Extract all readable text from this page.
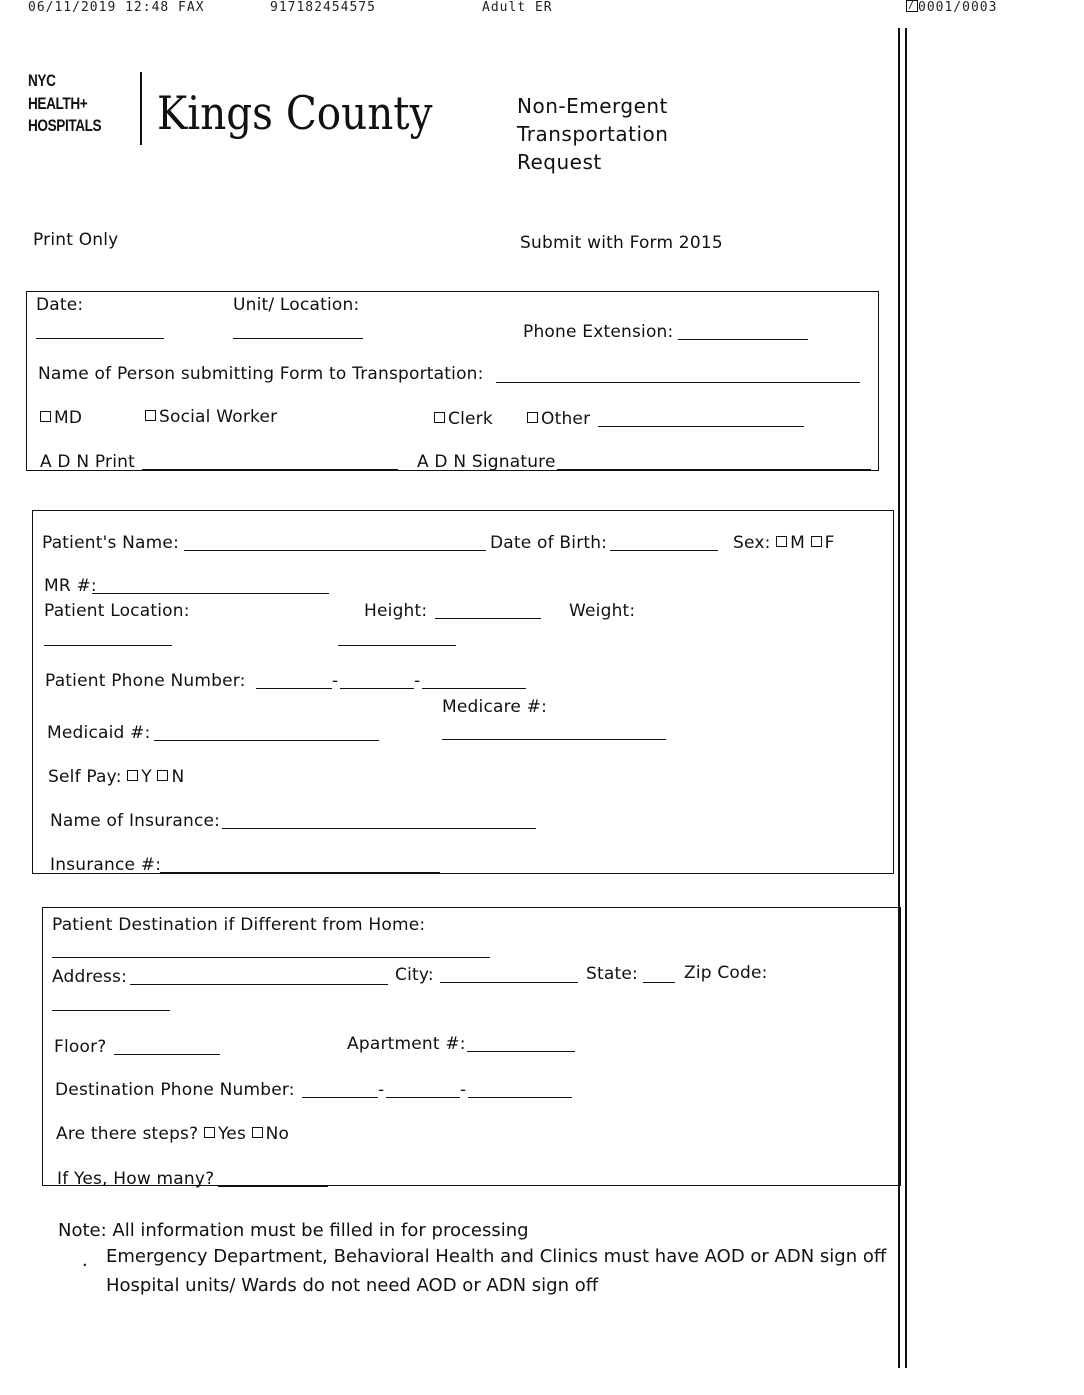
06/11/2019 12:48 FAX	917182454575	Adult ER	/ 0001/0003
NYC
HEALTH+
HOSPITALS Kings County	Non-Emergent
Transportation
Request
Print Only	Submit with Form 2015
Date:	Unit/ Location:
Phone Extension:
Name of Person submitting Form to Transportation:
MD	Social Worker	Clerk	Other
A D N Print	A D N Signature
Patient's Name:	Date of Birth:	Sex: M F
MR #:
Patient Location:	Height:	Weight:
Patient Phone Number:	-	-
Medicare #:
Medicaid #:
Self Pay: Y N
Name of Insurance:
Insurance #:
Patient Destination if Different from Home:
Address:	City:	State:	Zip Code:
Floor?	Apartment #:
Destination Phone Number:	-	-
Are there steps? Yes No
If Yes, How many?
Note: All information must be filled in for processing
. Emergency Department, Behavioral Health and Clinics must have AOD or ADN sign off
Hospital units/ Wards do not need AOD or ADN sign off
